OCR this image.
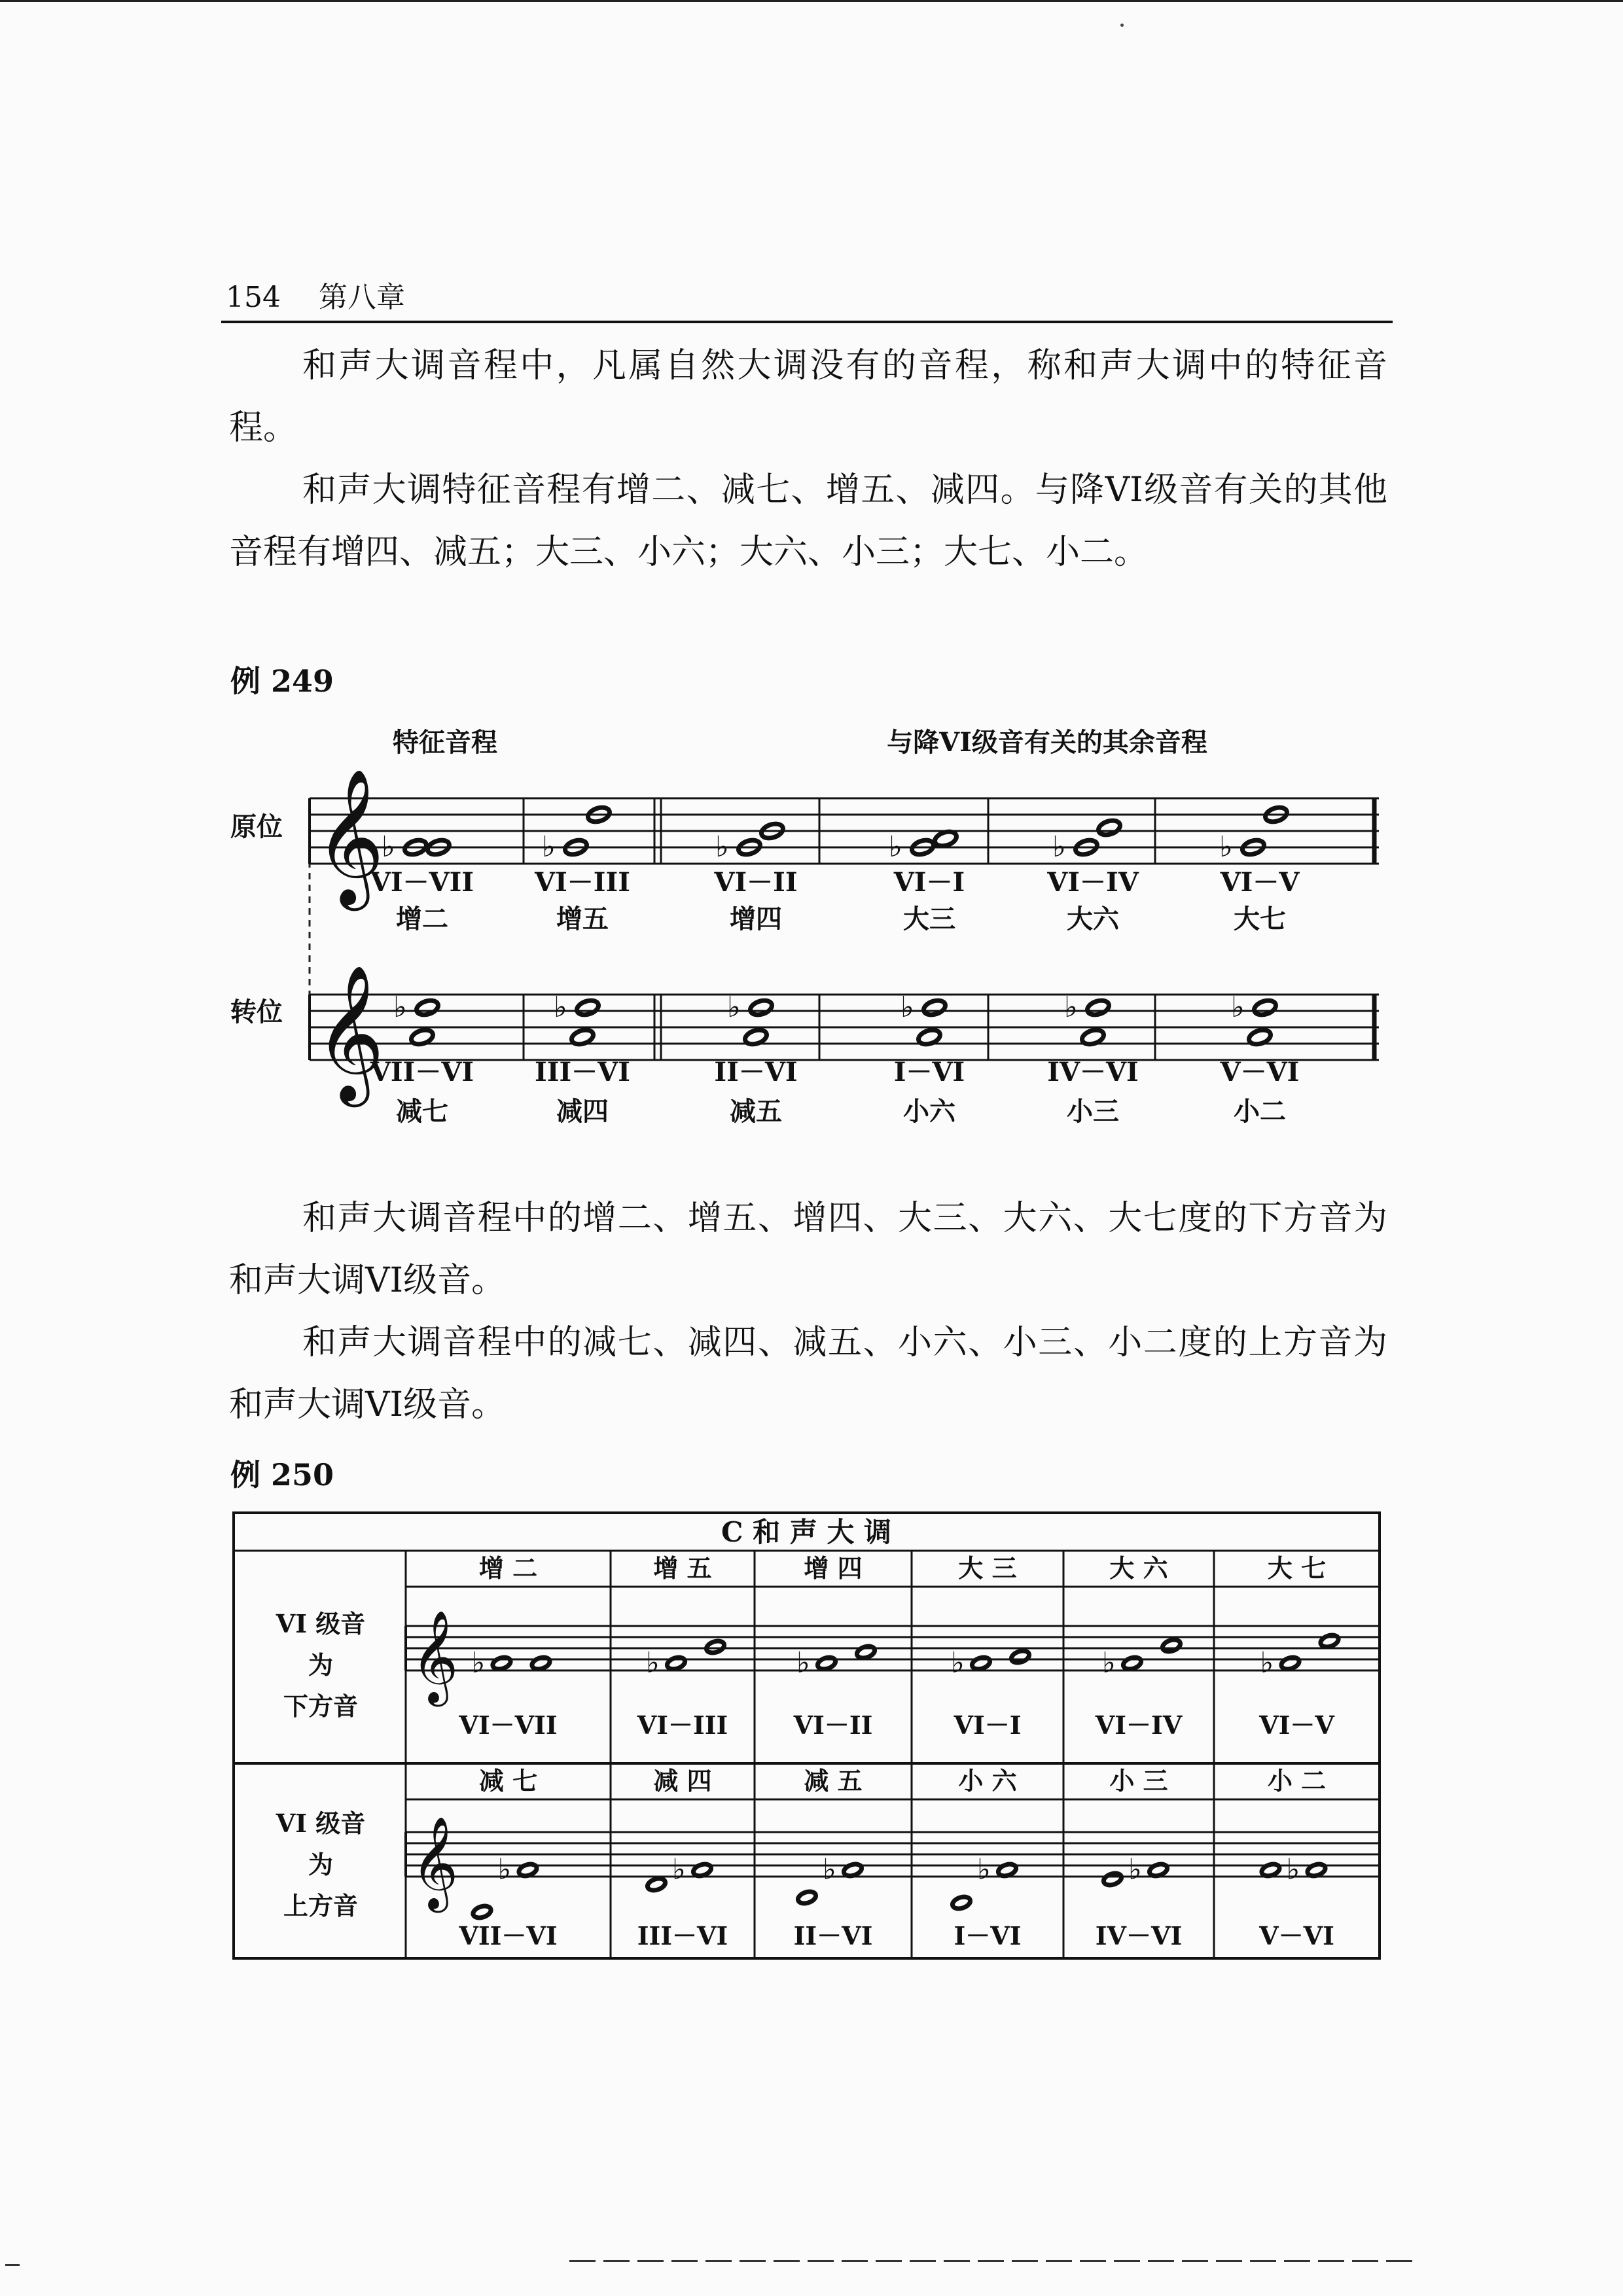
154 第八章

和声大调音程中，凡属自然大调没有的音程，称和声大调中的特征音程。

和声大调特征音程有增二、减七、增五、减四。与降VI级音有关的其他音程有增四、减五；大三、小六；大六、小三；大七、小二。

例 249
特征音程	与降VI级音有关的其余音程
原位
转位
𝄞
♭
VI－VII
增二
♭
VI－III
增五
♭
VI－II
增四
♭
VI－I
大三
♭
VI－IV
大六
♭
VI－V
大七
𝄞 ♭
VII－VI
减七
♭
III－VI
减四
♭
II－VI
减五
♭
I－VI
小六
♭
IV－VI
小三
♭
V－VI
小二

和声大调音程中的增二、增五、增四、大三、大六、大七度的下方音为和声大调VI级音。

和声大调音程中的减七、减四、减五、小六、小三、小二度的上方音为和声大调VI级音。

例 250
C 和 声 大 调
VI 级音
为
下方音
VI 级音
为
上方音
𝄞
𝄞
增 二
VI－VII
减 七
VII－VI
♭
♭
增 五
VI－III
减 四
III－VI
♭
♭
增 四
VI－II
减 五
II－VI
♭
♭
大 三
VI－I
小 六
I－VI
♭
♭
大 六
VI－IV
小 三
IV－VI
♭
♭
大 七
VI－V
小 二
V－VI
♭
♭
